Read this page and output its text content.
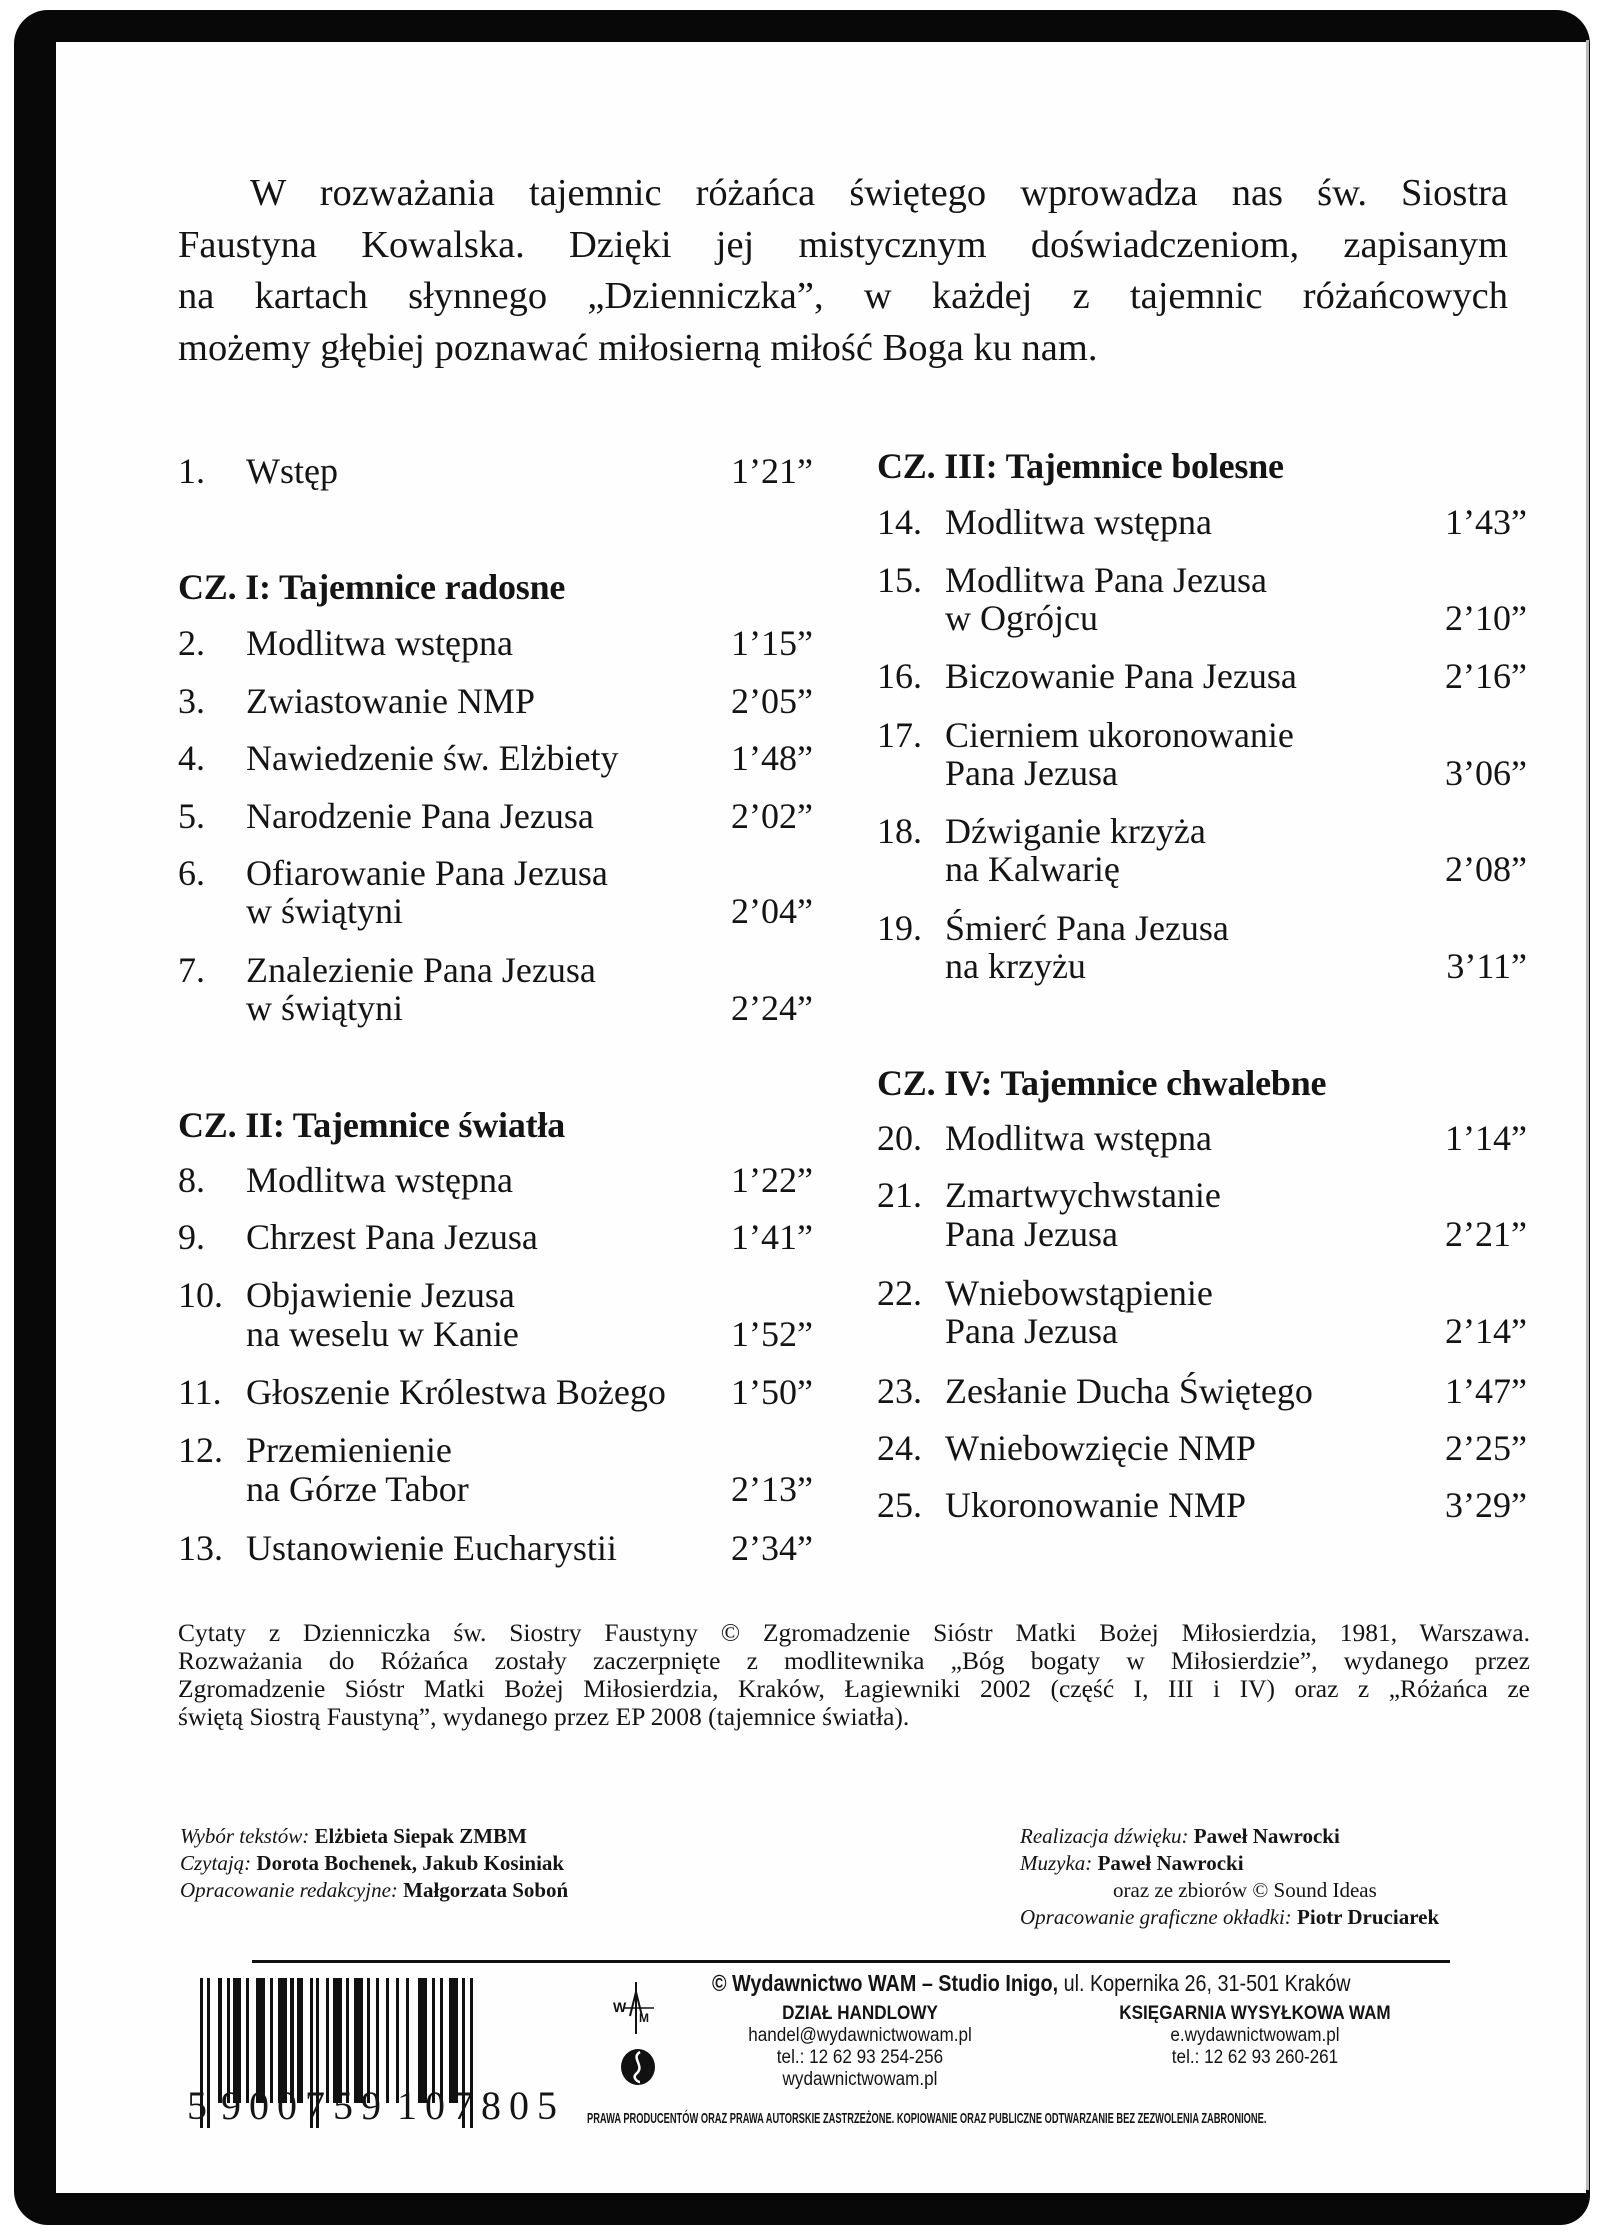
W rozważania tajemnic różańca świętego wprowadza nas św. Siostra
Faustyna Kowalska. Dzięki jej mistycznym doświadczeniom, zapisanym
na kartach słynnego „Dzienniczka”, w każdej z tajemnic różańcowych
możemy głębiej poznawać miłosierną miłość Boga ku nam.
1. Wstęp	1’21”
CZ. I: Tajemnice radosne
2. Modlitwa wstępna	1’15”
3. Zwiastowanie NMP	2’05”
4. Nawiedzenie św. Elżbiety	1’48”
5. Narodzenie Pana Jezusa	2’02”
6. Ofiarowanie Pana Jezusa
w świątyni	2’04”
7. Znalezienie Pana Jezusa
w świątyni	2’24”
CZ. II: Tajemnice światła
8. Modlitwa wstępna	1’22”
9. Chrzest Pana Jezusa	1’41”
10. Objawienie Jezusa
na weselu w Kanie	1’52”
11. Głoszenie Królestwa Bożego	1’50”
12. Przemienienie
na Górze Tabor	2’13”
13. Ustanowienie Eucharystii	2’34”
CZ. III: Tajemnice bolesne
14. Modlitwa wstępna	1’43”
15. Modlitwa Pana Jezusa
w Ogrójcu	2’10”
16. Biczowanie Pana Jezusa	2’16”
17. Cierniem ukoronowanie
Pana Jezusa	3’06”
18. Dźwiganie krzyża
na Kalwarię	2’08”
19. Śmierć Pana Jezusa
na krzyżu	3’11”
CZ. IV: Tajemnice chwalebne
20. Modlitwa wstępna	1’14”
21. Zmartwychwstanie
Pana Jezusa	2’21”
22. Wniebowstąpienie
Pana Jezusa	2’14”
23. Zesłanie Ducha Świętego	1’47”
24. Wniebowzięcie NMP	2’25”
25. Ukoronowanie NMP	3’29”
Cytaty z Dzienniczka św. Siostry Faustyny © Zgromadzenie Sióstr Matki Bożej Miłosierdzia, 1981, Warszawa.
Rozważania do Różańca zostały zaczerpnięte z modlitewnika „Bóg bogaty w Miłosierdzie”, wydanego przez
Zgromadzenie Sióstr Matki Bożej Miłosierdzia, Kraków, Łagiewniki 2002 (część I, III i IV) oraz z „Różańca ze
świętą Siostrą Faustyną”, wydanego przez EP 2008 (tajemnice światła).
Wybór tekstów: Elżbieta Siepak ZMBM
Czytają: Dorota Bochenek, Jakub Kosiniak
Opracowanie redakcyjne: Małgorzata Soboń
Realizacja dźwięku: Paweł Nawrocki
Muzyka: Paweł Nawrocki
oraz ze zbiorów © Sound Ideas
Opracowanie graficzne okładki: Piotr Druciarek
5 900759 107805
W
M
© Wydawnictwo WAM – Studio Inigo, ul. Kopernika 26, 31-501 Kraków
DZIAŁ HANDLOWY
handel@wydawnictwowam.pl
tel.: 12 62 93 254-256
wydawnictwowam.pl
KSIĘGARNIA WYSYŁKOWA WAM
e.wydawnictwowam.pl
tel.: 12 62 93 260-261
PRAWA PRODUCENTÓW ORAZ PRAWA AUTORSKIE ZASTRZEŻONE. KOPIOWANIE ORAZ PUBLICZNE ODTWARZANIE BEZ ZEZWOLENIA ZABRONIONE.
